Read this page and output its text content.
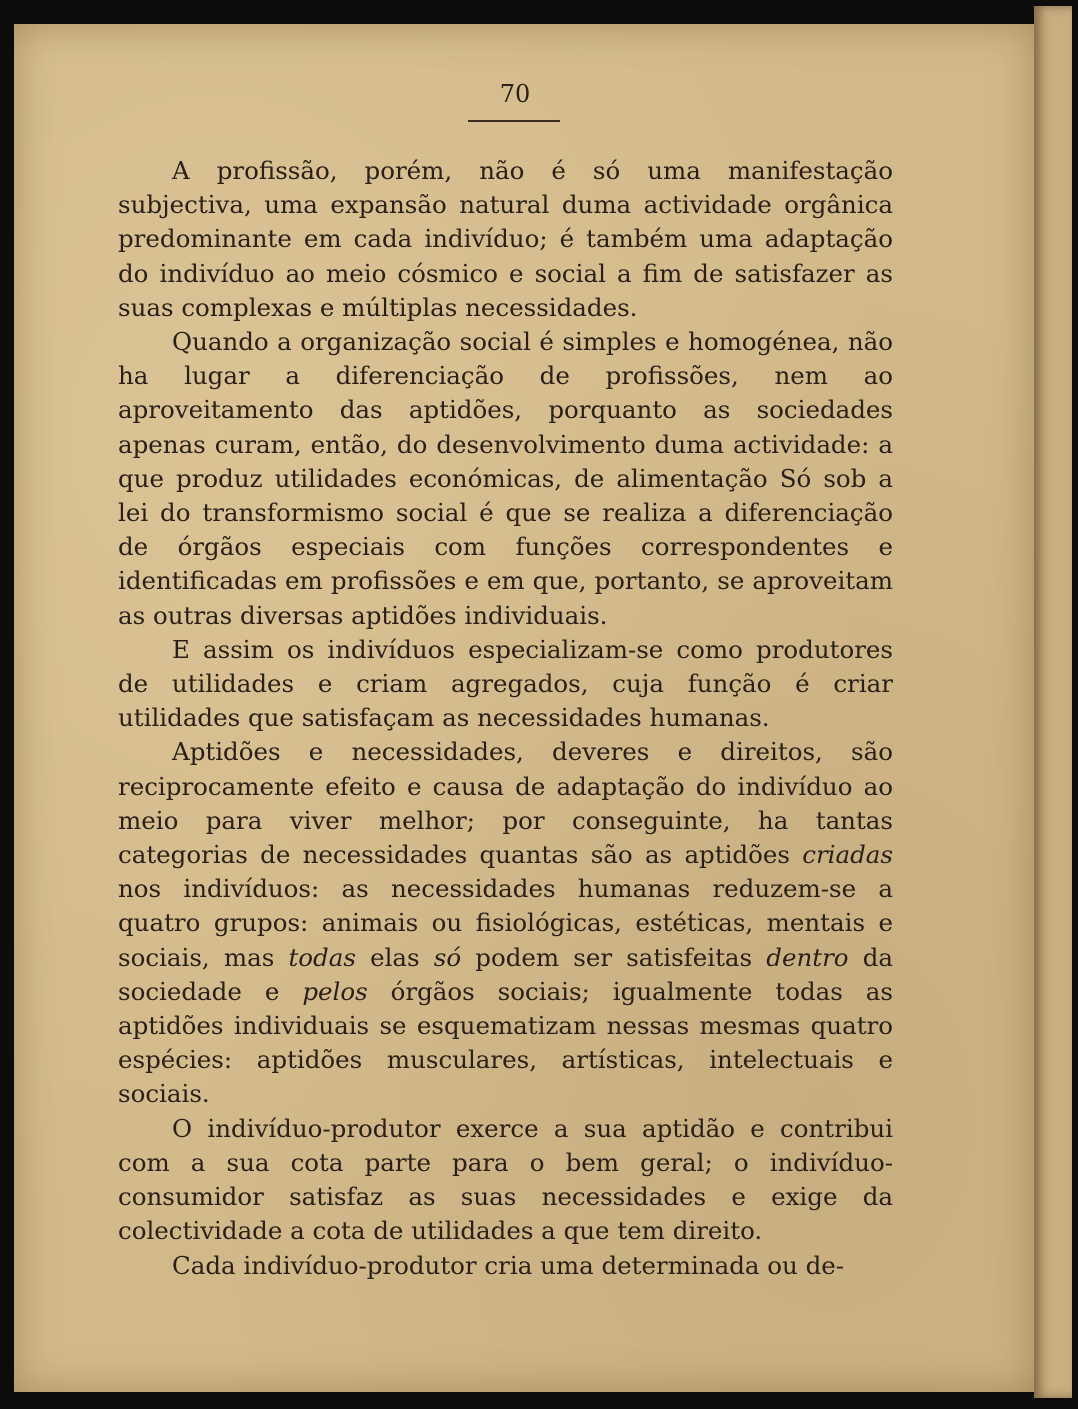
70

A profissão, porém, não é só uma manifestação subjectiva, uma expansão natural duma actividade orgânica predominante em cada indivíduo; é também uma adaptação do indivíduo ao meio cósmico e social a fim de satisfazer as suas complexas e múltiplas necessidades.

Quando a organização social é simples e homogénea, não ha lugar a diferenciação de profissões, nem ao aproveitamento das aptidões, porquanto as sociedades apenas curam, então, do desenvolvimento duma actividade: a que produz utilidades económicas, de alimentação Só sob a lei do transformismo social é que se realiza a diferenciação de órgãos especiais com funções correspondentes e identificadas em profissões e em que, portanto, se aproveitam as outras diversas aptidões individuais.

E assim os indivíduos especializam-se como produtores de utilidades e criam agregados, cuja função é criar utilidades que satisfaçam as necessidades humanas.

Aptidões e necessidades, deveres e direitos, são reciprocamente efeito e causa de adaptação do indivíduo ao meio para viver melhor; por conseguinte, ha tantas categorias de necessidades quantas são as aptidões criadas nos indivíduos: as necessidades humanas reduzem-se a quatro grupos: animais ou fisiológicas, estéticas, mentais e sociais, mas todas elas só podem ser satisfeitas dentro da sociedade e pelos órgãos sociais; igualmente todas as aptidões individuais se esquematizam nessas mesmas quatro espécies: aptidões musculares, artísticas, intelectuais e sociais.

O indivíduo-produtor exerce a sua aptidão e contribui com a sua cota parte para o bem geral; o indivíduo-consumidor satisfaz as suas necessidades e exige da colectividade a cota de utilidades a que tem direito.

Cada indivíduo-produtor cria uma determinada ou de-
